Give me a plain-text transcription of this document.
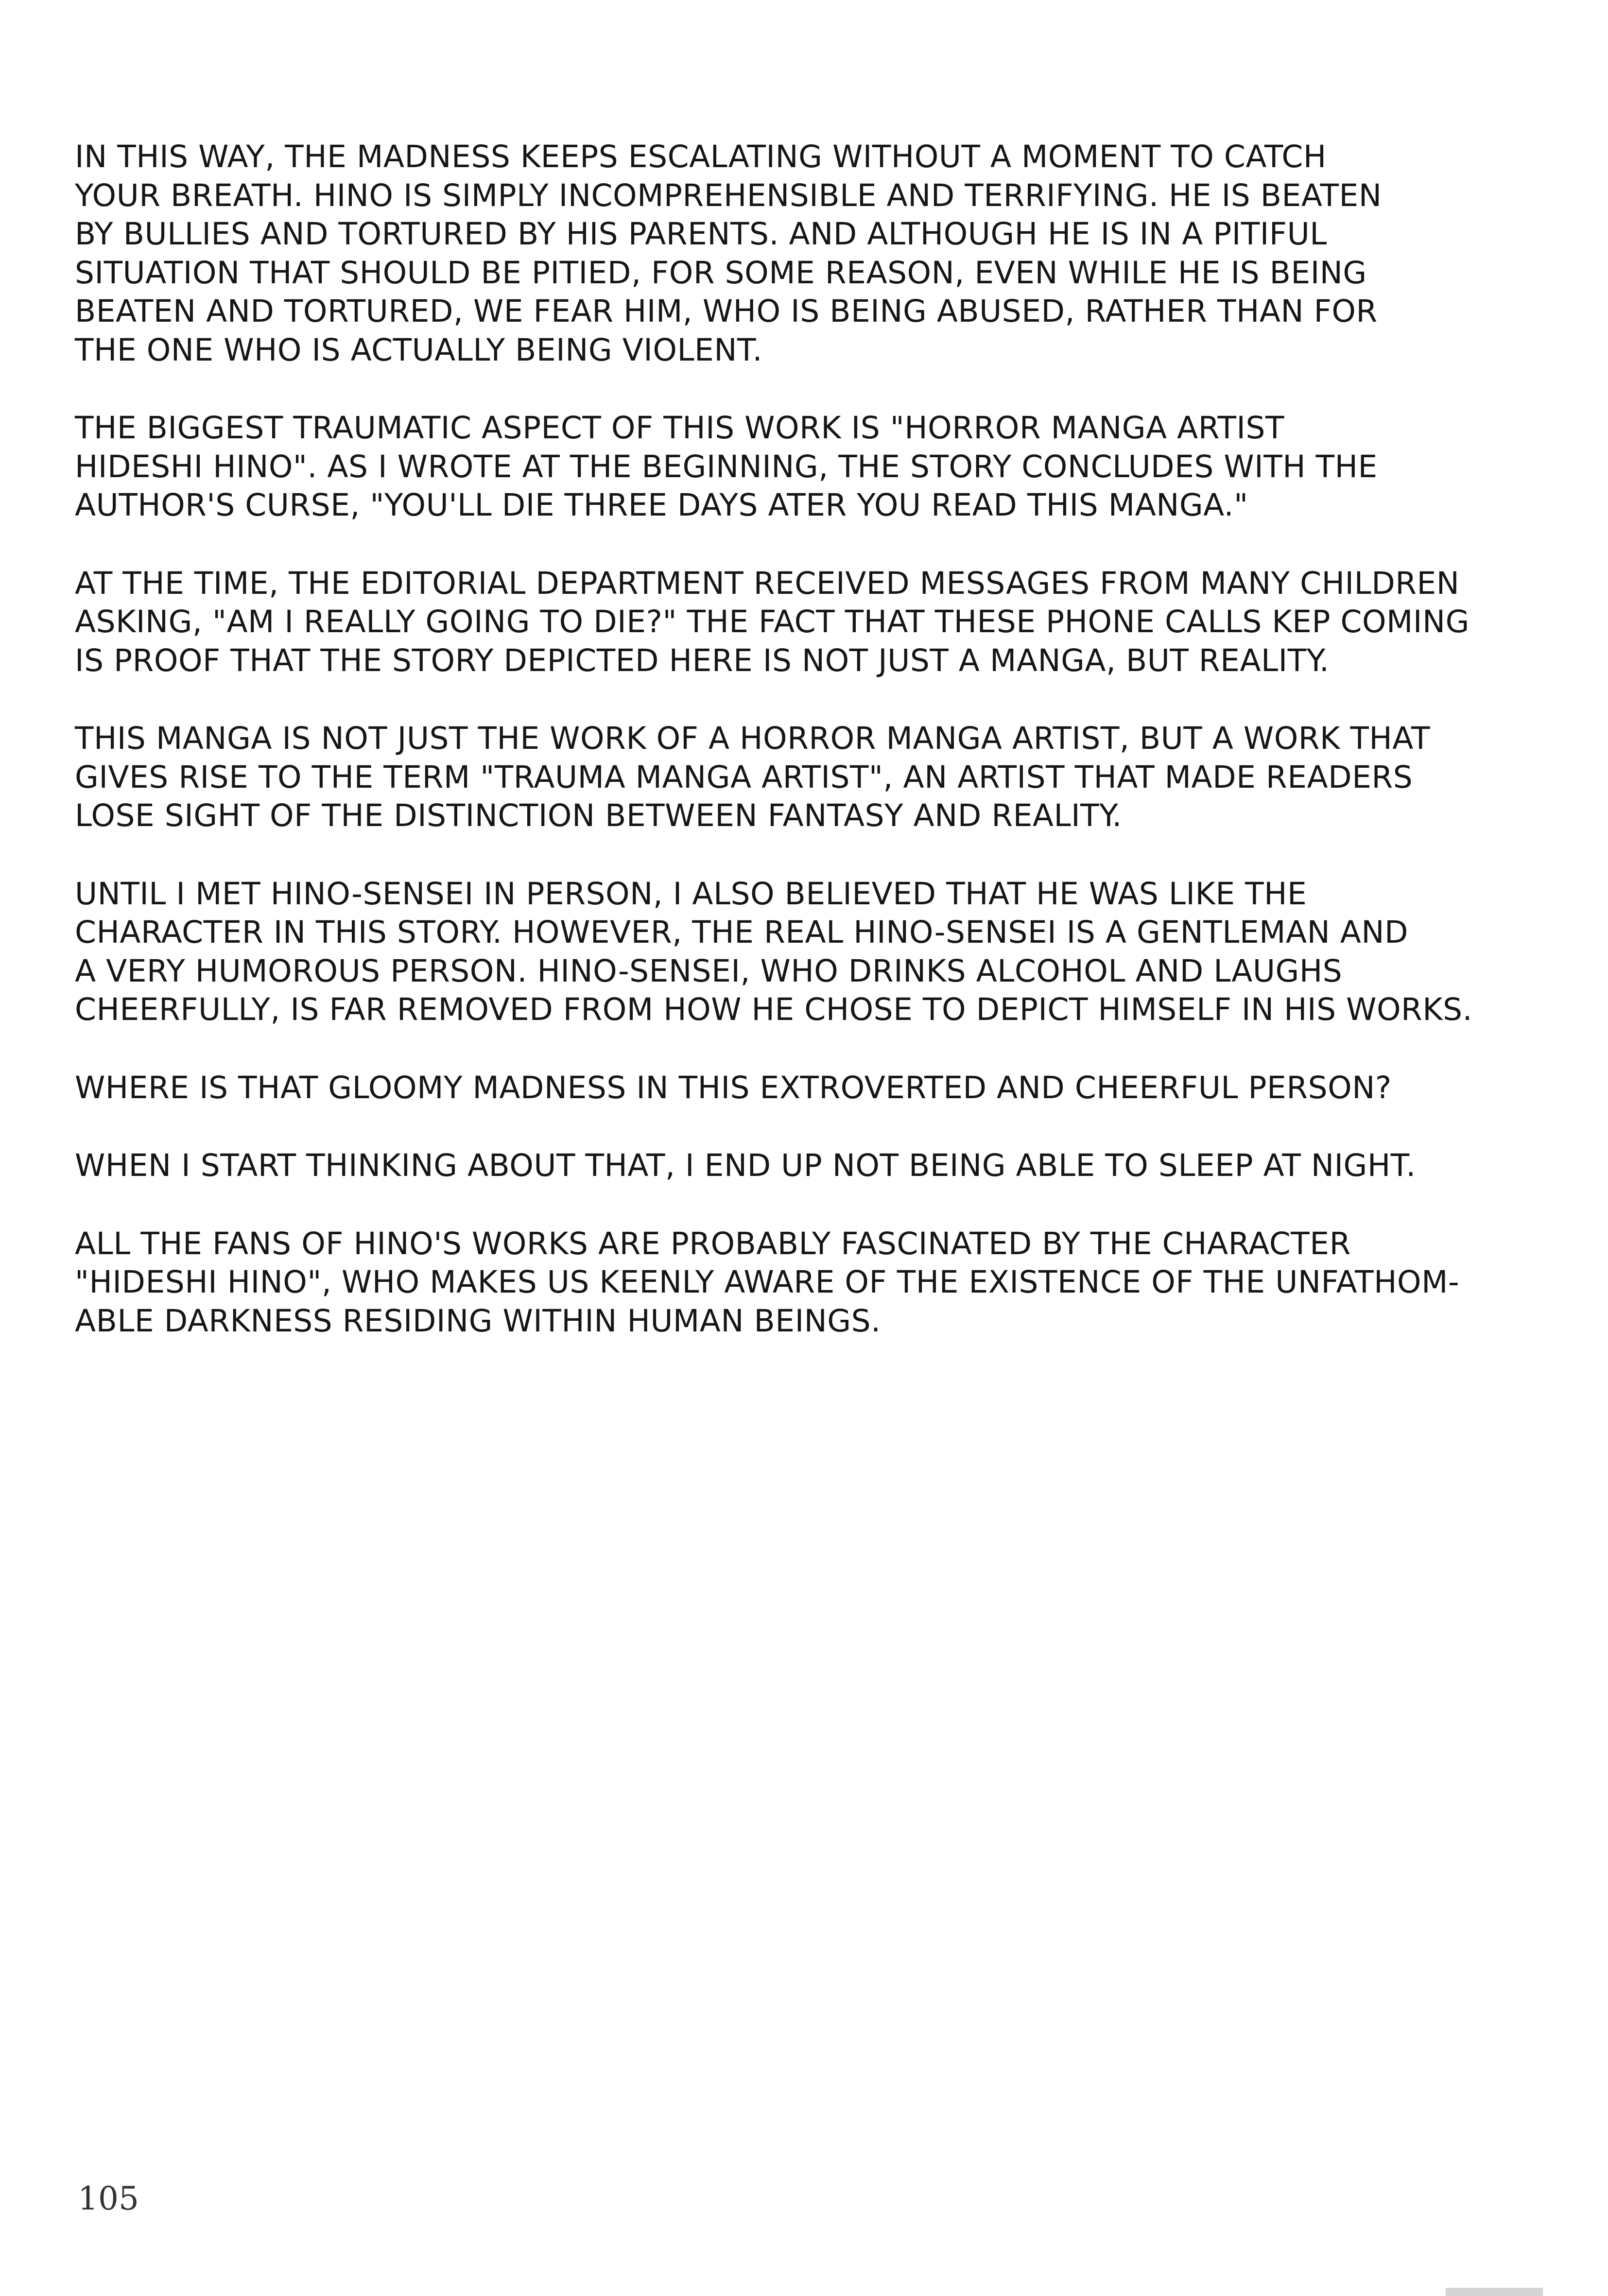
IN THIS WAY, THE MADNESS KEEPS ESCALATING WITHOUT A MOMENT TO CATCH
YOUR BREATH. HINO IS SIMPLY INCOMPREHENSIBLE AND TERRIFYING. HE IS BEATEN
BY BULLIES AND TORTURED BY HIS PARENTS. AND ALTHOUGH HE IS IN A PITIFUL
SITUATION THAT SHOULD BE PITIED, FOR SOME REASON, EVEN WHILE HE IS BEING
BEATEN AND TORTURED, WE FEAR HIM, WHO IS BEING ABUSED, RATHER THAN FOR
THE ONE WHO IS ACTUALLY BEING VIOLENT.
THE BIGGEST TRAUMATIC ASPECT OF THIS WORK IS "HORROR MANGA ARTIST
HIDESHI HINO". AS I WROTE AT THE BEGINNING, THE STORY CONCLUDES WITH THE
AUTHOR'S CURSE, "YOU'LL DIE THREE DAYS ATER YOU READ THIS MANGA."
AT THE TIME, THE EDITORIAL DEPARTMENT RECEIVED MESSAGES FROM MANY CHILDREN
ASKING, "AM I REALLY GOING TO DIE?" THE FACT THAT THESE PHONE CALLS KEP COMING
IS PROOF THAT THE STORY DEPICTED HERE IS NOT JUST A MANGA, BUT REALITY.
THIS MANGA IS NOT JUST THE WORK OF A HORROR MANGA ARTIST, BUT A WORK THAT
GIVES RISE TO THE TERM "TRAUMA MANGA ARTIST", AN ARTIST THAT MADE READERS
LOSE SIGHT OF THE DISTINCTION BETWEEN FANTASY AND REALITY.
UNTIL I MET HINO-SENSEI IN PERSON, I ALSO BELIEVED THAT HE WAS LIKE THE
CHARACTER IN THIS STORY. HOWEVER, THE REAL HINO-SENSEI IS A GENTLEMAN AND
A VERY HUMOROUS PERSON. HINO-SENSEI, WHO DRINKS ALCOHOL AND LAUGHS
CHEERFULLY, IS FAR REMOVED FROM HOW HE CHOSE TO DEPICT HIMSELF IN HIS WORKS.
WHERE IS THAT GLOOMY MADNESS IN THIS EXTROVERTED AND CHEERFUL PERSON?
WHEN I START THINKING ABOUT THAT, I END UP NOT BEING ABLE TO SLEEP AT NIGHT.
ALL THE FANS OF HINO'S WORKS ARE PROBABLY FASCINATED BY THE CHARACTER
"HIDESHI HINO", WHO MAKES US KEENLY AWARE OF THE EXISTENCE OF THE UNFATHOM-
ABLE DARKNESS RESIDING WITHIN HUMAN BEINGS.
105
